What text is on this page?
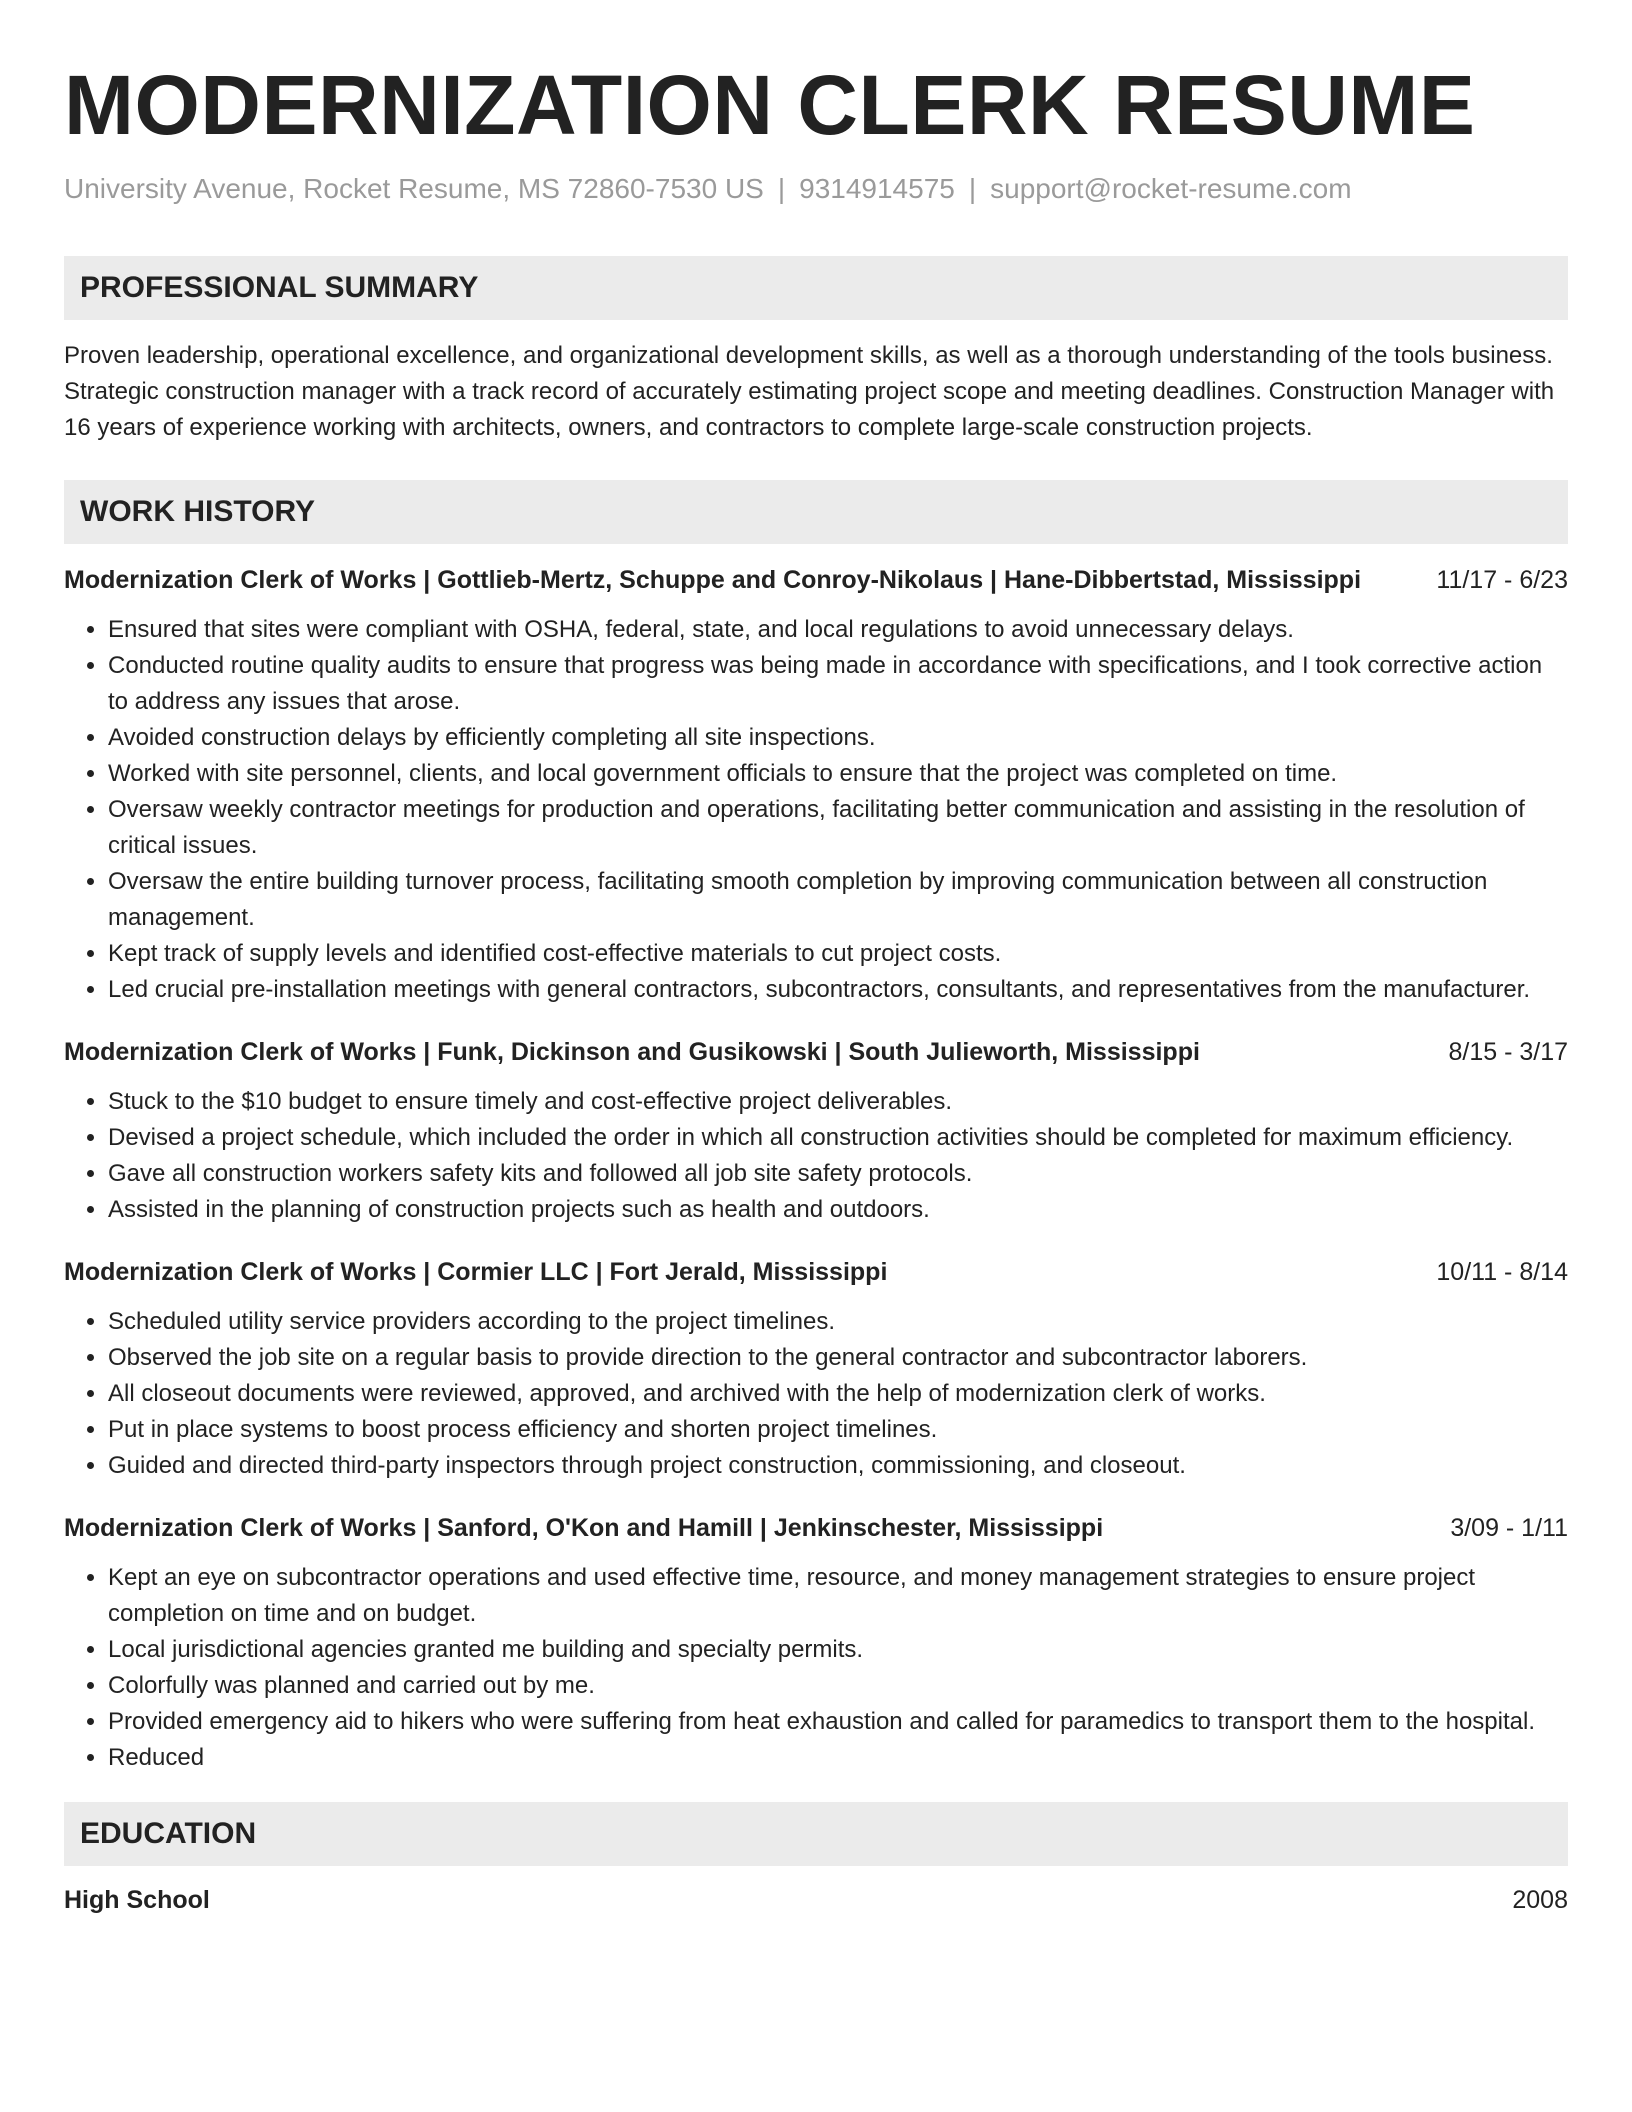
MODERNIZATION CLERK RESUME
University Avenue, Rocket Resume, MS 72860-7530 US | 9314914575 | support@rocket-resume.com
PROFESSIONAL SUMMARY

Proven leadership, operational excellence, and organizational development skills, as well as a thorough understanding of the tools business. Strategic construction manager with a track record of accurately estimating project scope and meeting deadlines. Construction Manager with 16 years of experience working with architects, owners, and contractors to complete large-scale construction projects.

WORK HISTORY
Modernization Clerk of Works | Gottlieb-Mertz, Schuppe and Conroy-Nikolaus | Hane-Dibbertstad, Mississippi	11/17 - 6/23
• Ensured that sites were compliant with OSHA, federal, state, and local regulations to avoid unnecessary delays.
• Conducted routine quality audits to ensure that progress was being made in accordance with specifications, and I took corrective action to address any issues that arose.
• Avoided construction delays by efficiently completing all site inspections.
• Worked with site personnel, clients, and local government officials to ensure that the project was completed on time.
• Oversaw weekly contractor meetings for production and operations, facilitating better communication and assisting in the resolution of critical issues.
• Oversaw the entire building turnover process, facilitating smooth completion by improving communication between all construction management.
• Kept track of supply levels and identified cost-effective materials to cut project costs.
• Led crucial pre-installation meetings with general contractors, subcontractors, consultants, and representatives from the manufacturer.
Modernization Clerk of Works | Funk, Dickinson and Gusikowski | South Julieworth, Mississippi	8/15 - 3/17
• Stuck to the $10 budget to ensure timely and cost-effective project deliverables.
• Devised a project schedule, which included the order in which all construction activities should be completed for maximum efficiency.
• Gave all construction workers safety kits and followed all job site safety protocols.
• Assisted in the planning of construction projects such as health and outdoors.
Modernization Clerk of Works | Cormier LLC | Fort Jerald, Mississippi	10/11 - 8/14
• Scheduled utility service providers according to the project timelines.
• Observed the job site on a regular basis to provide direction to the general contractor and subcontractor laborers.
• All closeout documents were reviewed, approved, and archived with the help of modernization clerk of works.
• Put in place systems to boost process efficiency and shorten project timelines.
• Guided and directed third-party inspectors through project construction, commissioning, and closeout.
Modernization Clerk of Works | Sanford, O'Kon and Hamill | Jenkinschester, Mississippi	3/09 - 1/11
• Kept an eye on subcontractor operations and used effective time, resource, and money management strategies to ensure project completion on time and on budget.
• Local jurisdictional agencies granted me building and specialty permits.
• Colorfully was planned and carried out by me.
• Provided emergency aid to hikers who were suffering from heat exhaustion and called for paramedics to transport them to the hospital.
• Reduced
EDUCATION
High School	2008
